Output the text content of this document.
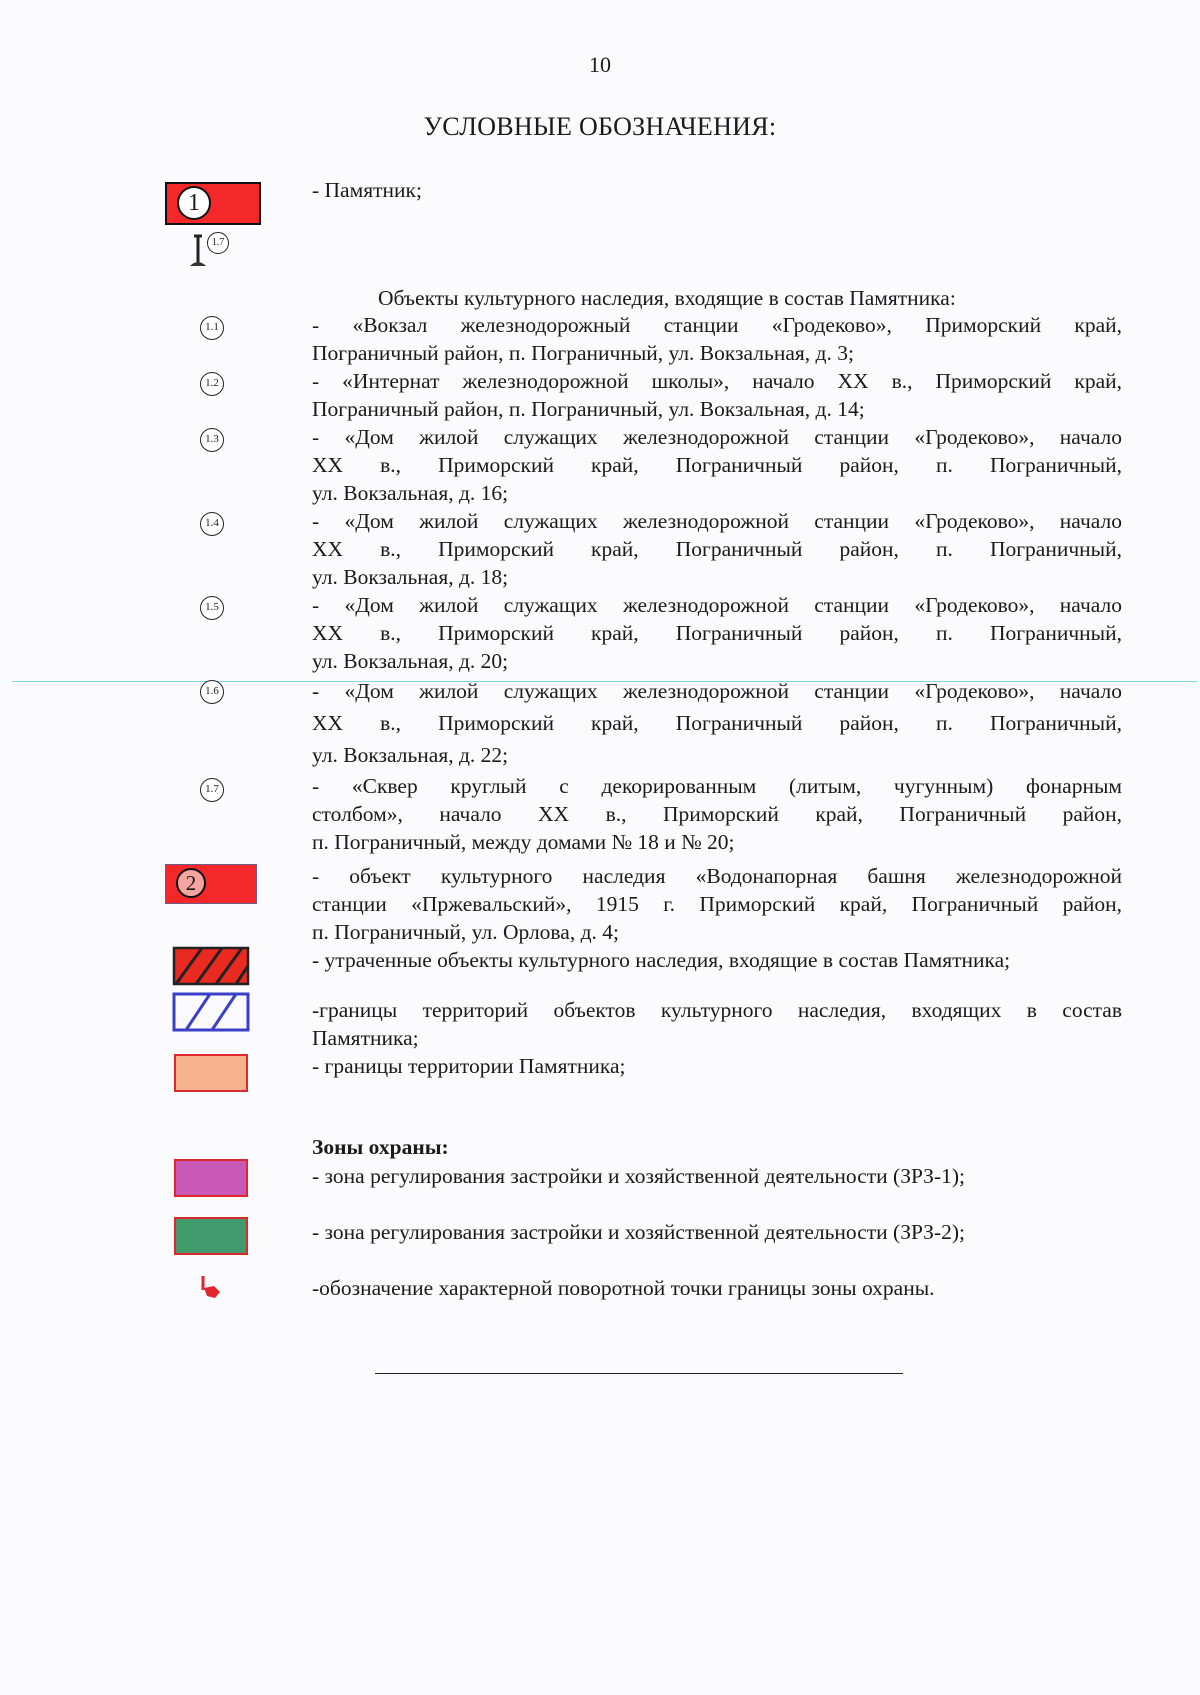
10
УСЛОВНЫЕ ОБОЗНАЧЕНИЯ:
1	- Памятник;
1.7
Объекты культурного наследия, входящие в состав Памятника:
1.1	- «Вокзал железнодорожный станции «Гродеково», Приморский край,
Пограничный район, п. Пограничный, ул. Вокзальная, д. 3;
1.2	- «Интернат железнодорожной школы», начало XX в., Приморский край,
Пограничный район, п. Пограничный, ул. Вокзальная, д. 14;
1.3	- «Дом жилой служащих железнодорожной станции «Гродеково», начало
XX в., Приморский край, Пограничный район, п. Пограничный,
ул. Вокзальная, д. 16;
1.4	- «Дом жилой служащих железнодорожной станции «Гродеково», начало
XX в., Приморский край, Пограничный район, п. Пограничный,
ул. Вокзальная, д. 18;
1.5	- «Дом жилой служащих железнодорожной станции «Гродеково», начало
XX в., Приморский край, Пограничный район, п. Пограничный,
ул. Вокзальная, д. 20;
1.6	- «Дом жилой служащих железнодорожной станции «Гродеково», начало
XX в., Приморский край, Пограничный район, п. Пограничный,
ул. Вокзальная, д. 22;
1.7	- «Сквер круглый с декорированным (литым, чугунным) фонарным
столбом», начало XX в., Приморский край, Пограничный район,
п. Пограничный, между домами № 18 и № 20;
2	- объект культурного наследия «Водонапорная башня железнодорожной
станции «Пржевальский», 1915 г. Приморский край, Пограничный район,
п. Пограничный, ул. Орлова, д. 4;
- утраченные объекты культурного наследия, входящие в состав Памятника;
-границы территорий объектов культурного наследия, входящих в состав
Памятника;
- границы территории Памятника;
Зоны охраны:
- зона регулирования застройки и хозяйственной деятельности (ЗРЗ-1);
- зона регулирования застройки и хозяйственной деятельности (ЗРЗ-2);
-обозначение характерной поворотной точки границы зоны охраны.
